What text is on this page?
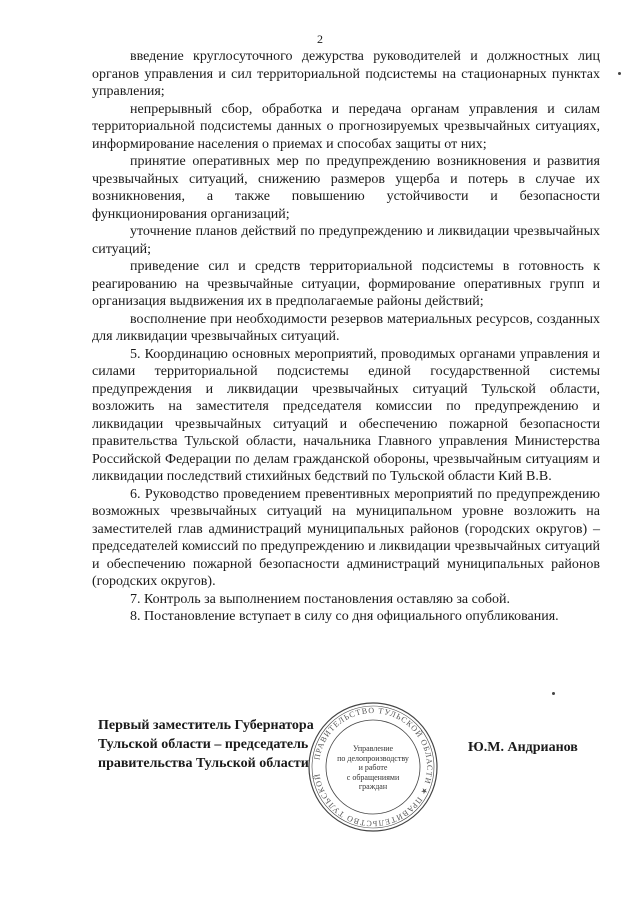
2

введение круглосуточного дежурства руководителей и должностных лиц органов управления и сил территориальной подсистемы на стационарных пунктах управления;

непрерывный сбор, обработка и передача органам управления и силам территориальной подсистемы данных о прогнозируемых чрезвычайных ситуациях, информирование населения о приемах и способах защиты от них;

принятие оперативных мер по предупреждению возникновения и развития чрезвычайных ситуаций, снижению размеров ущерба и потерь в случае их возникновения, а также повышению устойчивости и безопасности функционирования организаций;

уточнение планов действий по предупреждению и ликвидации чрезвычайных ситуаций;

приведение сил и средств территориальной подсистемы в готовность к реагированию на чрезвычайные ситуации, формирование оперативных групп и организация выдвижения их в предполагаемые районы действий;

восполнение при необходимости резервов материальных ресурсов, созданных для ликвидации чрезвычайных ситуаций.

5. Координацию основных мероприятий, проводимых органами управления и силами территориальной подсистемы единой государственной системы предупреждения и ликвидации чрезвычайных ситуаций Тульской области, возложить на заместителя председателя комиссии по предупреждению и ликвидации чрезвычайных ситуаций и обеспечению пожарной безопасности правительства Тульской области, начальника Главного управления Министерства Российской Федерации по делам гражданской обороны, чрезвычайным ситуациям и ликвидации последствий стихийных бедствий по Тульской области Кий В.В.

6. Руководство проведением превентивных мероприятий по предупреждению возможных чрезвычайных ситуаций на муниципальном уровне возложить на заместителей глав администраций муниципальных районов (городских округов) – председателей комиссий по предупреждению и ликвидации чрезвычайных ситуаций и обеспечению пожарной безопасности администраций муниципальных районов (городских округов).

7. Контроль за выполнением постановления оставляю за собой.

8. Постановление вступает в силу со дня официального опубликования.

Первый заместитель Губернатора
Тульской области – председатель
правительства Тульской области
Ю.М. Андрианов
ПРАВИТЕЛЬСТВО ТУЛЬСКОЙ ОБЛАСТИ ★ ПРАВИТЕЛЬСТВО ТУЛЬСКОЙ
Управление
по делопроизводству
и работе
с обращениями
граждан
